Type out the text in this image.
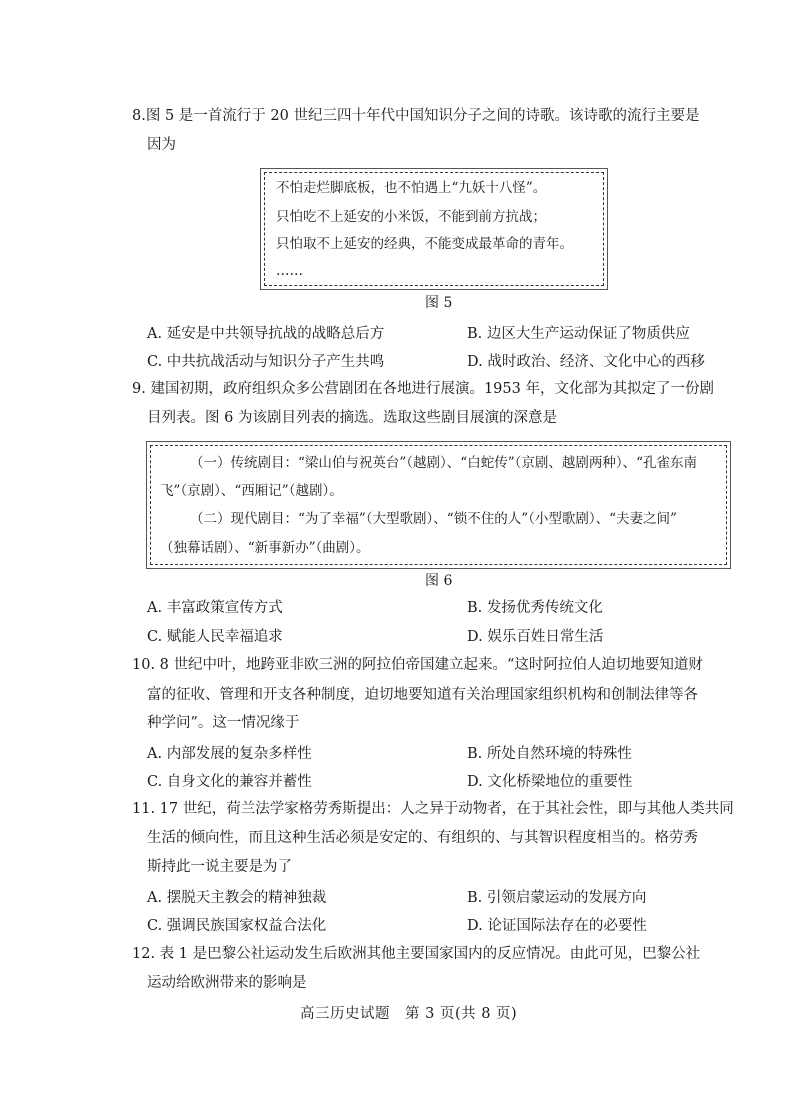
8.图 5 是一首流行于 20 世纪三四十年代中国知识分子之间的诗歌。该诗歌的流行主要是
因为
不怕走烂脚底板，也不怕遇上“九妖十八怪”。
只怕吃不上延安的小米饭，不能到前方抗战；
只怕取不上延安的经典，不能变成最革命的青年。
……
图 5
A. 延安是中共领导抗战的战略总后方	B. 边区大生产运动保证了物质供应
C. 中共抗战活动与知识分子产生共鸣	D. 战时政治、经济、文化中心的西移
9. 建国初期，政府组织众多公营剧团在各地进行展演。1953 年，文化部为其拟定了一份剧
目列表。图 6 为该剧目列表的摘选。选取这些剧目展演的深意是
（一）传统剧目：“梁山伯与祝英台”（越剧）、“白蛇传”（京剧、越剧两种）、“孔雀东南
飞”（京剧）、“西厢记”（越剧）。
（二）现代剧目：“为了幸福”（大型歌剧）、“锁不住的人”（小型歌剧）、“夫妻之间”
（独幕话剧）、“新事新办”（曲剧）。
图 6
A. 丰富政策宣传方式	B. 发扬优秀传统文化
C. 赋能人民幸福追求	D. 娱乐百姓日常生活
10. 8 世纪中叶，地跨亚非欧三洲的阿拉伯帝国建立起来。“这时阿拉伯人迫切地要知道财
富的征收、管理和开支各种制度，迫切地要知道有关治理国家组织机构和创制法律等各
种学问”。这一情况缘于
A. 内部发展的复杂多样性	B. 所处自然环境的特殊性
C. 自身文化的兼容并蓄性	D. 文化桥梁地位的重要性
11. 17 世纪，荷兰法学家格劳秀斯提出：人之异于动物者，在于其社会性，即与其他人类共同
生活的倾向性，而且这种生活必须是安定的、有组织的、与其智识程度相当的。格劳秀
斯持此一说主要是为了
A. 摆脱天主教会的精神独裁	B. 引领启蒙运动的发展方向
C. 强调民族国家权益合法化	D. 论证国际法存在的必要性
12. 表 1 是巴黎公社运动发生后欧洲其他主要国家国内的反应情况。由此可见，巴黎公社
运动给欧洲带来的影响是
高三历史试题　第 3 页(共 8 页)
